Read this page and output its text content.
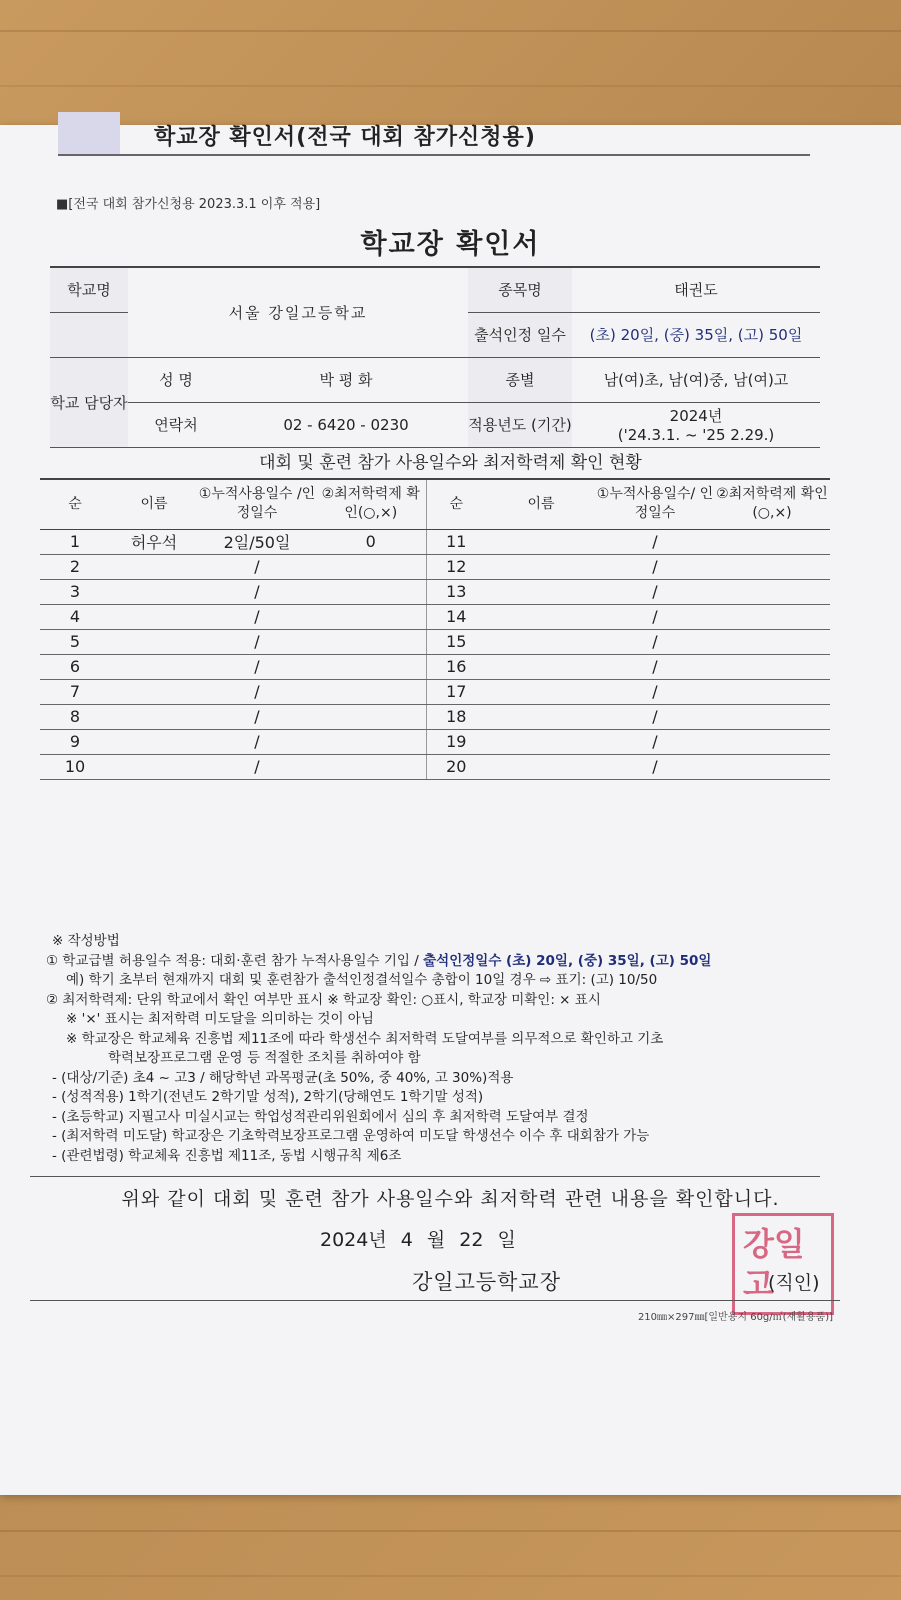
학교장 확인서(전국 대회 참가신청용)
■[전국 대회 참가신청용 2023.3.1 이후 적용]
학교장 확인서
학교명	서울 강일고등학교		종목명	태권도
			출석인정 일수	(초) 20일, (중) 35일, (고) 50일
학교 담당자	성 명	박 평 화	종별	남(여)초, 남(여)중, 남(여)고
	연락처	02 - 6420 - 0230	적용년도 (기간)	2024년
('24.3.1. ~ '25 2.29.)
대회 및 훈련 참가 사용일수와 최저학력제 확인 현황
순	이름	①누적사용일수 /인정일수	②최저학력제 확인(○,×)	순	이름	①누적사용일수/ 인정일수	②최저학력제 확인(○,×)
1	허우석	2일/50일	0	11		/	
2		/		12		/	
3		/		13		/	
4		/		14		/	
5		/		15		/	
6		/		16		/	
7		/		17		/	
8		/		18		/	
9		/		19		/	
10		/		20		/	
※ 작성방법
① 학교급별 허용일수 적용: 대회·훈련 참가 누적사용일수 기입 / 출석인정일수 (초) 20일, (중) 35일, (고) 50일
예) 학기 초부터 현재까지 대회 및 훈련참가 출석인정결석일수 총합이 10일 경우 ⇨ 표기: (고) 10/50
② 최저학력제: 단위 학교에서 확인 여부만 표시 ※ 학교장 확인: ○표시, 학교장 미확인: × 표시
※ '×' 표시는 최저학력 미도달을 의미하는 것이 아님
※ 학교장은 학교체육 진흥법 제11조에 따라 학생선수 최저학력 도달여부를 의무적으로 확인하고 기초
학력보장프로그램 운영 등 적절한 조치를 취하여야 함
- (대상/기준) 초4 ~ 고3 / 해당학년 과목평균(초 50%, 중 40%, 고 30%)적용
- (성적적용) 1학기(전년도 2학기말 성적), 2학기(당해연도 1학기말 성적)
- (초등학교) 지필고사 미실시교는 학업성적관리위원회에서 심의 후 최저학력 도달여부 결정
- (최저학력 미도달) 학교장은 기초학력보장프로그램 운영하여 미도달 학생선수 이수 후 대회참가 가능
- (관련법령) 학교체육 진흥법 제11조, 동법 시행규칙 제6조
위와 같이 대회 및 훈련 참가 사용일수와 최저학력 관련 내용을 확인합니다.
2024년 4 월 22 일
강일고등학교장
강일고
(직인)
210㎜×297㎜[일반용지 60g/㎡(재활용품)]
